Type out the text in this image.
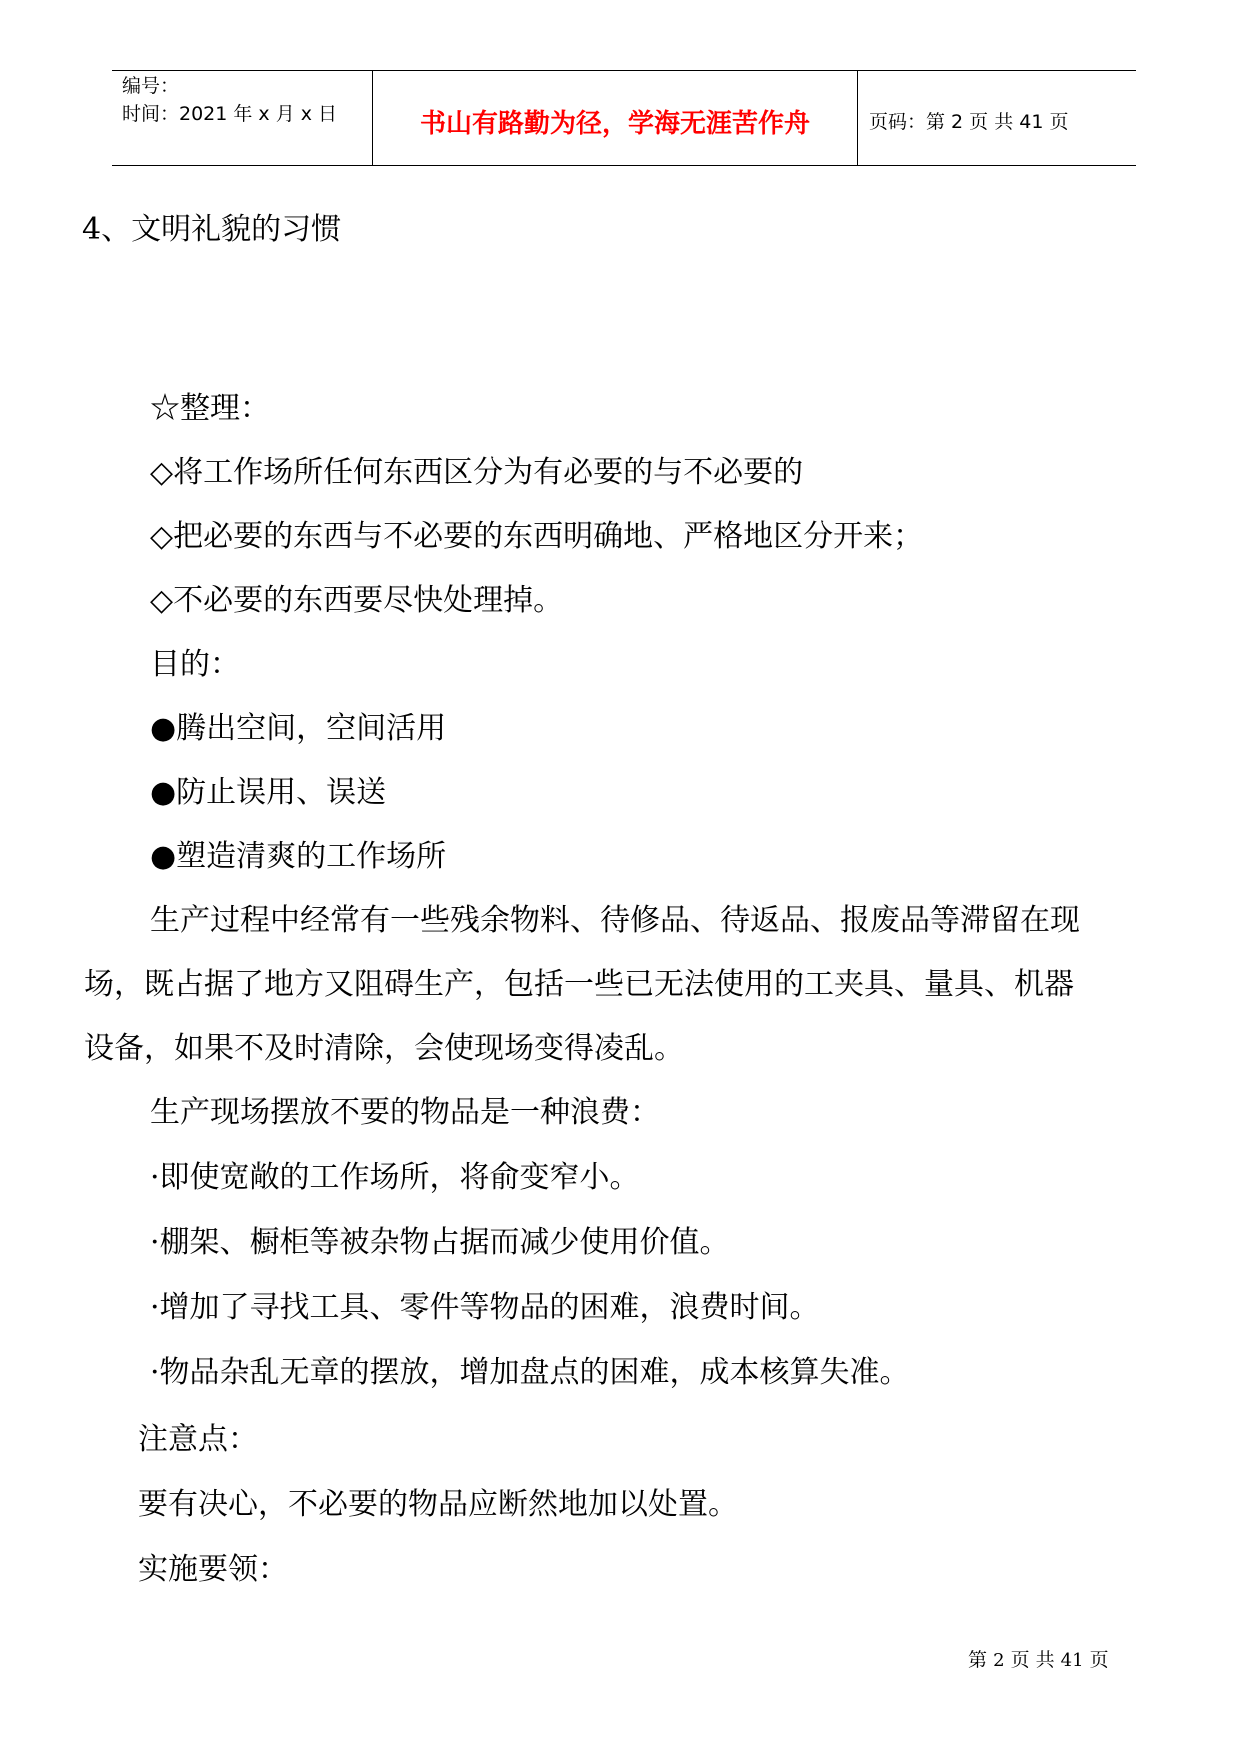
编号：
时间：2021 年 x 月 x 日	书山有路勤为径，学海无涯苦作舟	页码：第 2 页 共 41 页
4、文明礼貌的习惯
☆整理：
◇将工作场所任何东西区分为有必要的与不必要的
◇把必要的东西与不必要的东西明确地、严格地区分开来；
◇不必要的东西要尽快处理掉。
目的：
●腾出空间，空间活用
●防止误用、误送
●塑造清爽的工作场所
生产过程中经常有一些残余物料、待修品、待返品、报废品等滞留在现
场，既占据了地方又阻碍生产，包括一些已无法使用的工夹具、量具、机器
设备，如果不及时清除，会使现场变得凌乱。
生产现场摆放不要的物品是一种浪费：
·即使宽敞的工作场所，将俞变窄小。
·棚架、橱柜等被杂物占据而减少使用价值。
·增加了寻找工具、零件等物品的困难，浪费时间。
·物品杂乱无章的摆放，增加盘点的困难，成本核算失准。
注意点：
要有决心，不必要的物品应断然地加以处置。
实施要领：
第 2 页 共 41 页
